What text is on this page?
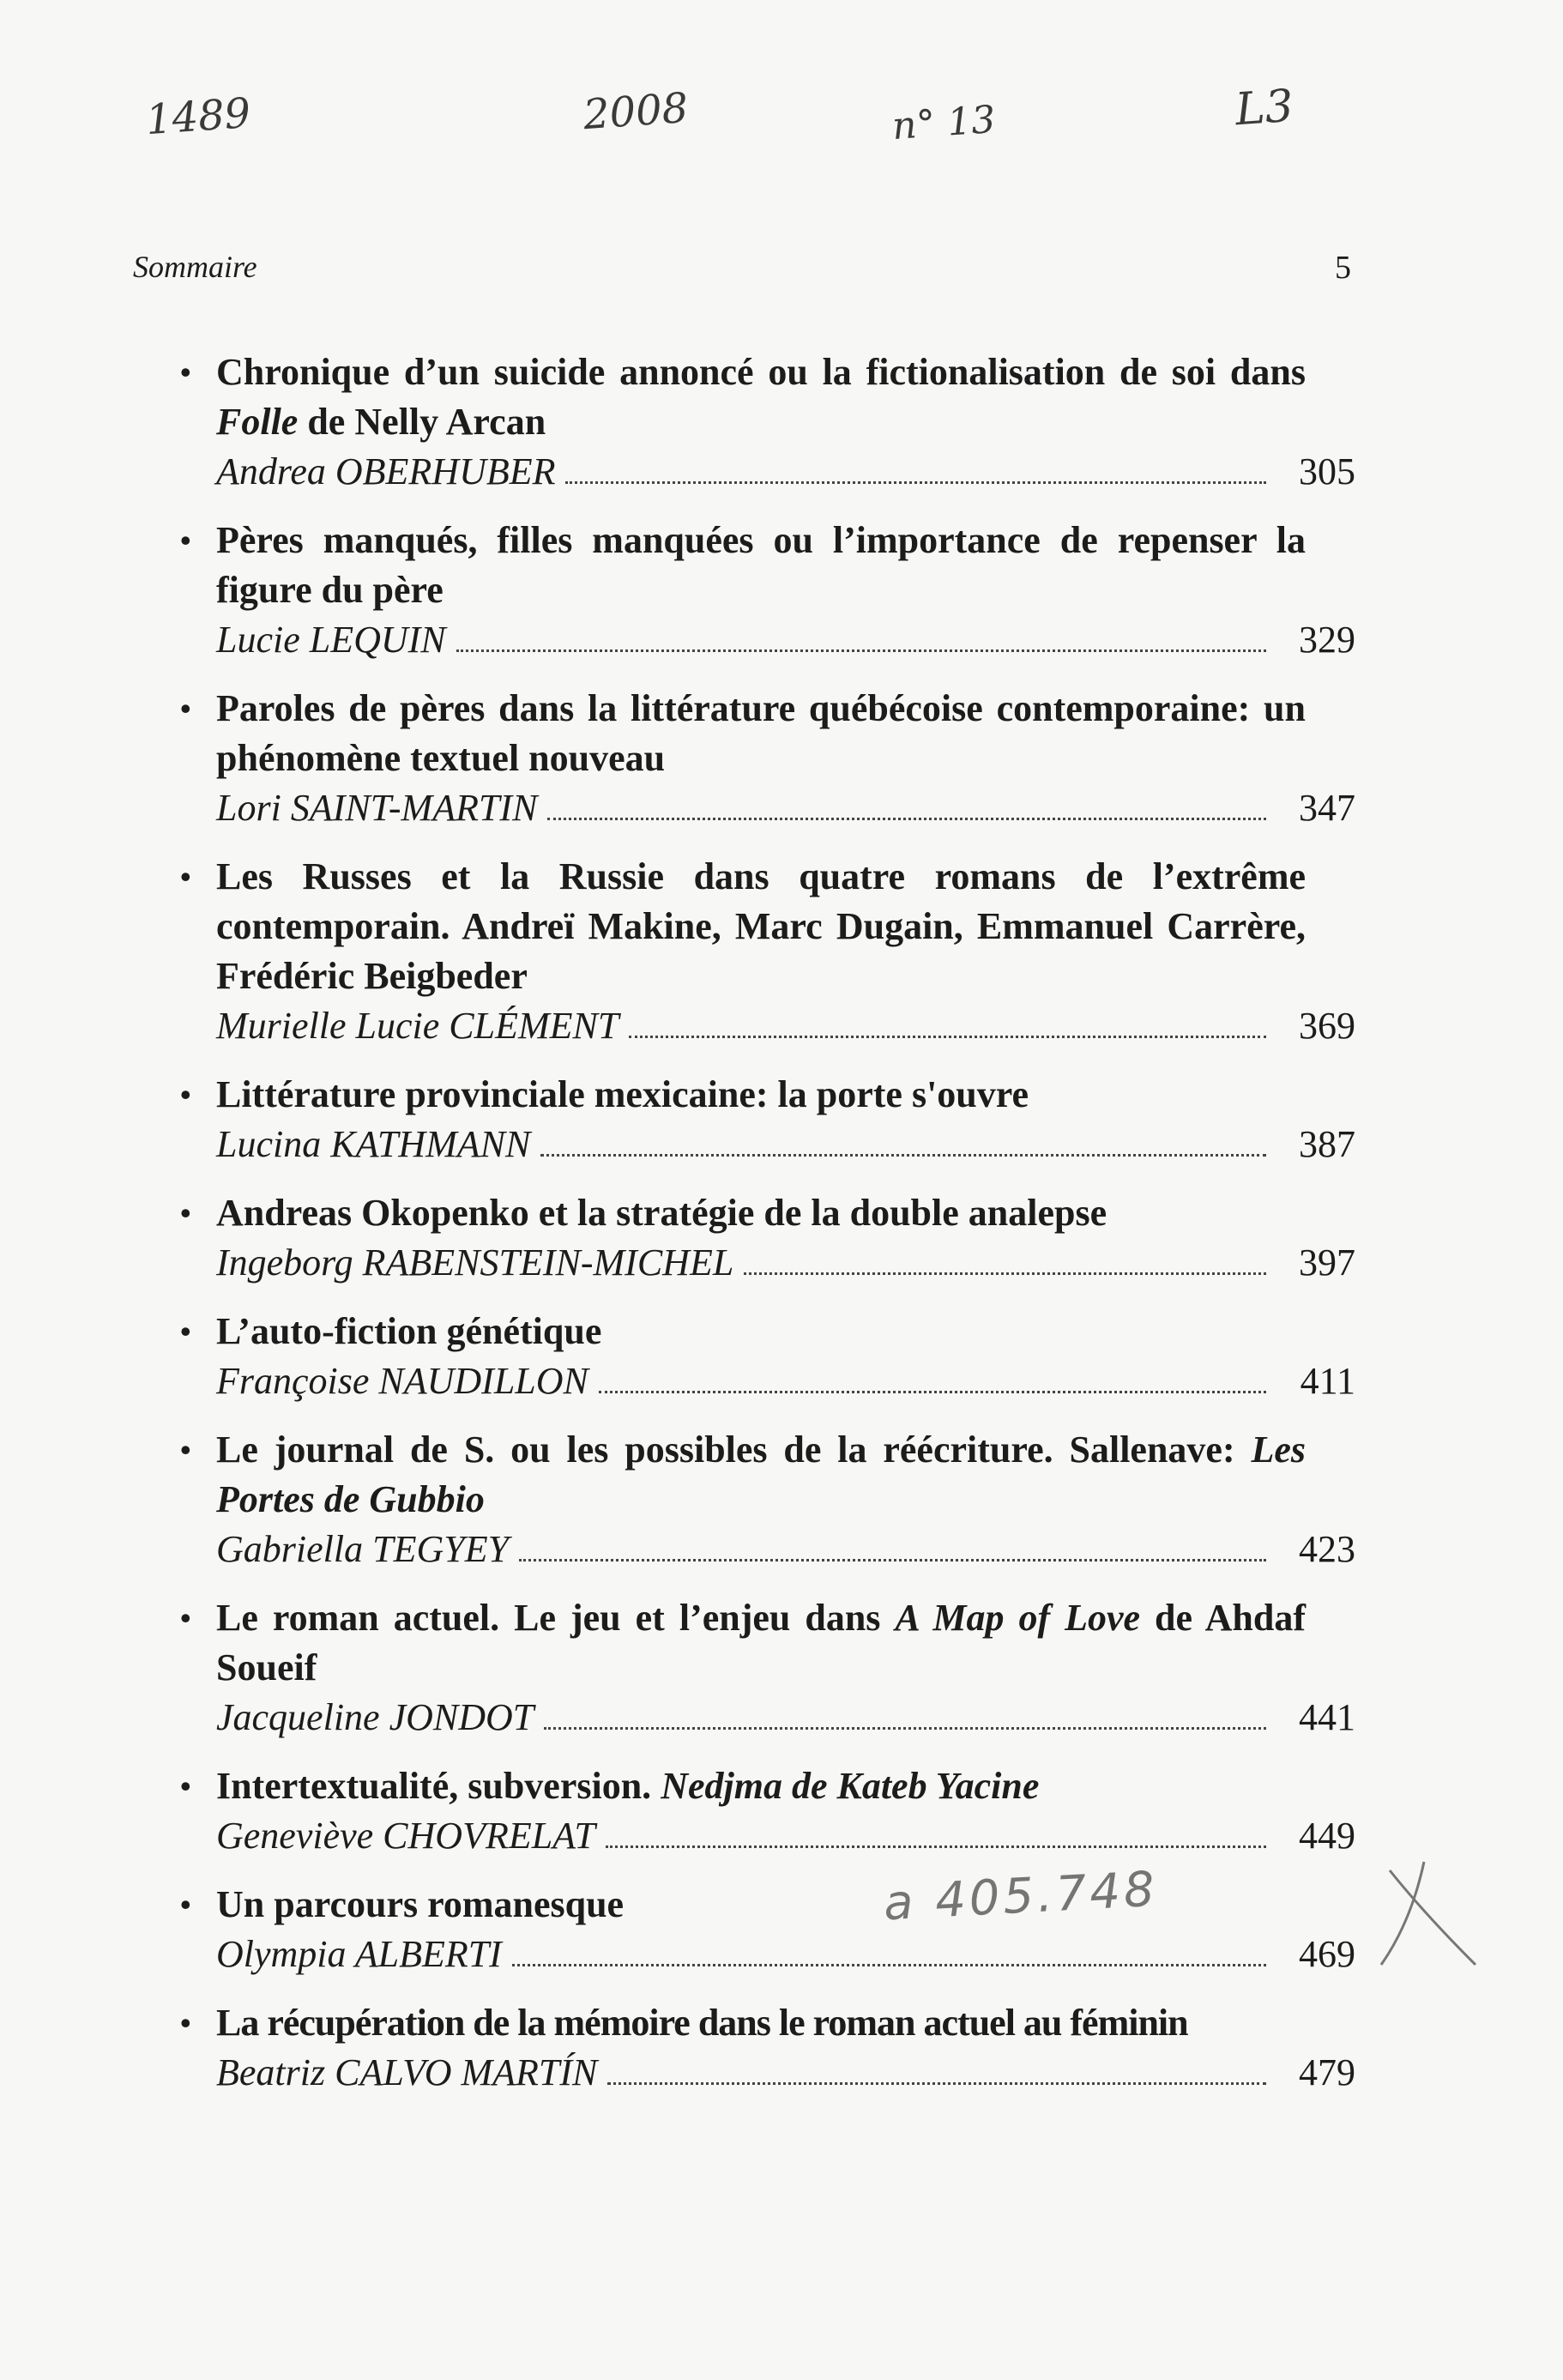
1489	2008	n° 13	L3
Sommaire	5
• Chronique d’un suicide annoncé ou la fictionalisation de soi dans Folle de Nelly Arcan
Andrea OBERHUBER	305
• Pères manqués, filles manquées ou l’importance de repenser la figure du père
Lucie LEQUIN	329
• Paroles de pères dans la littérature québécoise contemporaine: un phénomène textuel nouveau
Lori SAINT-MARTIN	347
• Les Russes et la Russie dans quatre romans de l’extrême contemporain. Andreï Makine, Marc Dugain, Emmanuel Carrère, Frédéric Beigbeder
Murielle Lucie CLÉMENT	369
• Littérature provinciale mexicaine: la porte s'ouvre
Lucina KATHMANN	387
• Andreas Okopenko et la stratégie de la double analepse
Ingeborg RABENSTEIN-MICHEL	397
• L’auto-fiction génétique
Françoise NAUDILLON	411
• Le journal de S. ou les possibles de la réécriture. Sallenave: Les Portes de Gubbio
Gabriella TEGYEY	423
• Le roman actuel. Le jeu et l’enjeu dans A Map of Love de Ahdaf Soueif
Jacqueline JONDOT	441
• Intertextualité, subversion. Nedjma de Kateb Yacine
Geneviève CHOVRELAT	449
• Un parcours romanesque
Olympia ALBERTI	469
• La récupération de la mémoire dans le roman actuel au féminin
Beatriz CALVO MARTÍN	479
a 405.748
